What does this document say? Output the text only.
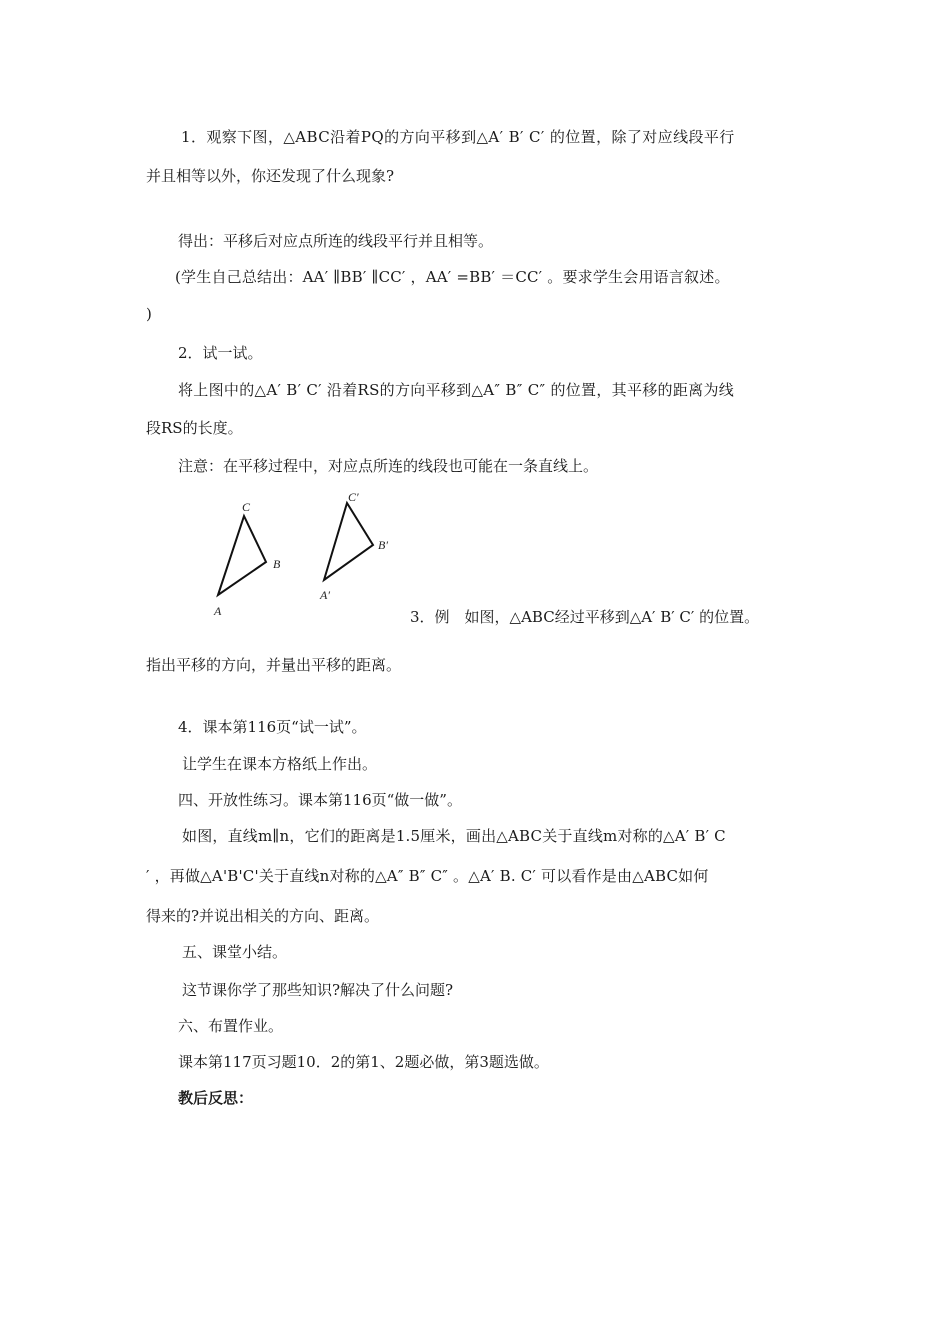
1．观察下图，△ABC沿着PQ的方向平移到△A′ B′ C′ 的位置，除了对应线段平行
并且相等以外，你还发现了什么现象?
得出：平移后对应点所连的线段平行并且相等。
(学生自己总结出：AA′ ∥BB′ ∥CC′ ，AA′ =BB′ ＝CC′ 。要求学生会用语言叙述。
)
2．试一试。
将上图中的△A′ B′ C′ 沿着RS的方向平移到△A″ B″ C″ 的位置，其平移的距离为线
段RS的长度。
注意：在平移过程中，对应点所连的线段也可能在一条直线上。
C
B
A
C′
B′
A′
3．例　如图，△ABC经过平移到△A′ B′ C′ 的位置。
指出平移的方向，并量出平移的距离。
4．课本第116页“试一试”。
让学生在课本方格纸上作出。
四、开放性练习。课本第116页“做一做”。
如图，直线m∥n，它们的距离是1.5厘米，画出△ABC关于直线m对称的△A′ B′ C
′ ，再做△A'B'C'关于直线n对称的△A″ B″ C″ 。△A′ B. C′ 可以看作是由△ABC如何
得来的?并说出相关的方向、距离。
五、课堂小结。
这节课你学了那些知识?解决了什么问题?
六、布置作业。
课本第117页习题10．2的第1、2题必做，第3题选做。
教后反思：
